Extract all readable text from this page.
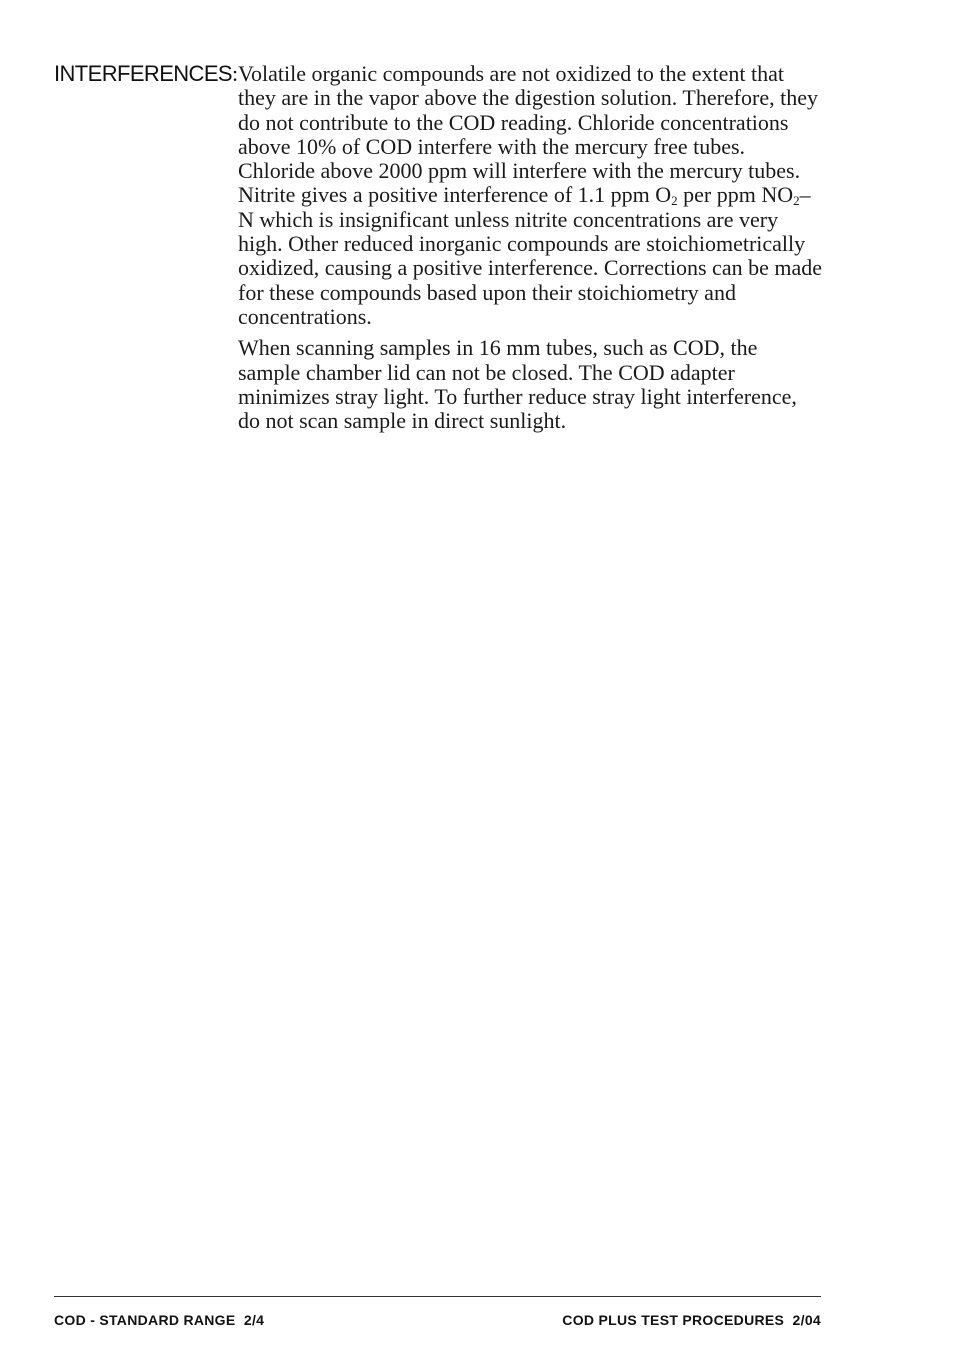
INTERFERENCES: Volatile organic compounds are not oxidized to the extent that they are in the vapor above the digestion solution. Therefore, they do not contribute to the COD reading. Chloride concentrations above 10% of COD interfere with the mercury free tubes. Chloride above 2000 ppm will interfere with the mercury tubes. Nitrite gives a positive interference of 1.1 ppm $O_2$ per ppm $NO_2-N$ which is insignificant unless nitrite concentrations are very high. Other reduced inorganic compounds are stoichiometrically oxidized, causing a positive interference. Corrections can be made for these compounds based upon their stoichiometry and concentrations.

When scanning samples in 16 mm tubes, such as COD, the sample chamber lid can not be closed. The COD adapter minimizes stray light. To further reduce stray light interference, do not scan sample in direct sunlight.

COD - STANDARD RANGE  2/4	COD PLUS TEST PROCEDURES  2/04
